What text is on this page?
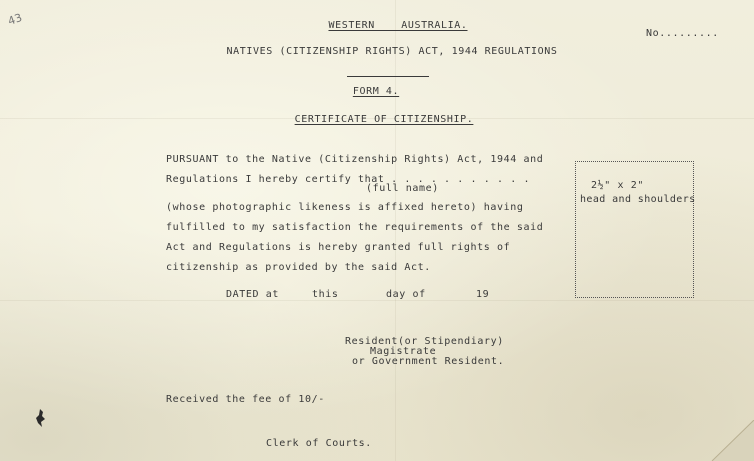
43	WESTERN    AUSTRALIA.
No.........
NATIVES (CITIZENSHIP RIGHTS) ACT, 1944 REGULATIONS
FORM 4.
CERTIFICATE OF CITIZENSHIP.
PURSUANT to the Native (Citizenship Rights) Act, 1944 and
Regulations I hereby certify that . . . . . . . . . . .
(full name)
(whose photographic likeness is affixed hereto) having
fulfilled to my satisfaction the requirements of the said
Act and Regulations is hereby granted full rights of
citizenship as provided by the said Act.
DATED at	this	day of	19
Resident(or Stipendiary)
Magistrate
or Government Resident.
Received the fee of 10/-
Clerk of Courts.
2½" x 2"
head and shoulders
